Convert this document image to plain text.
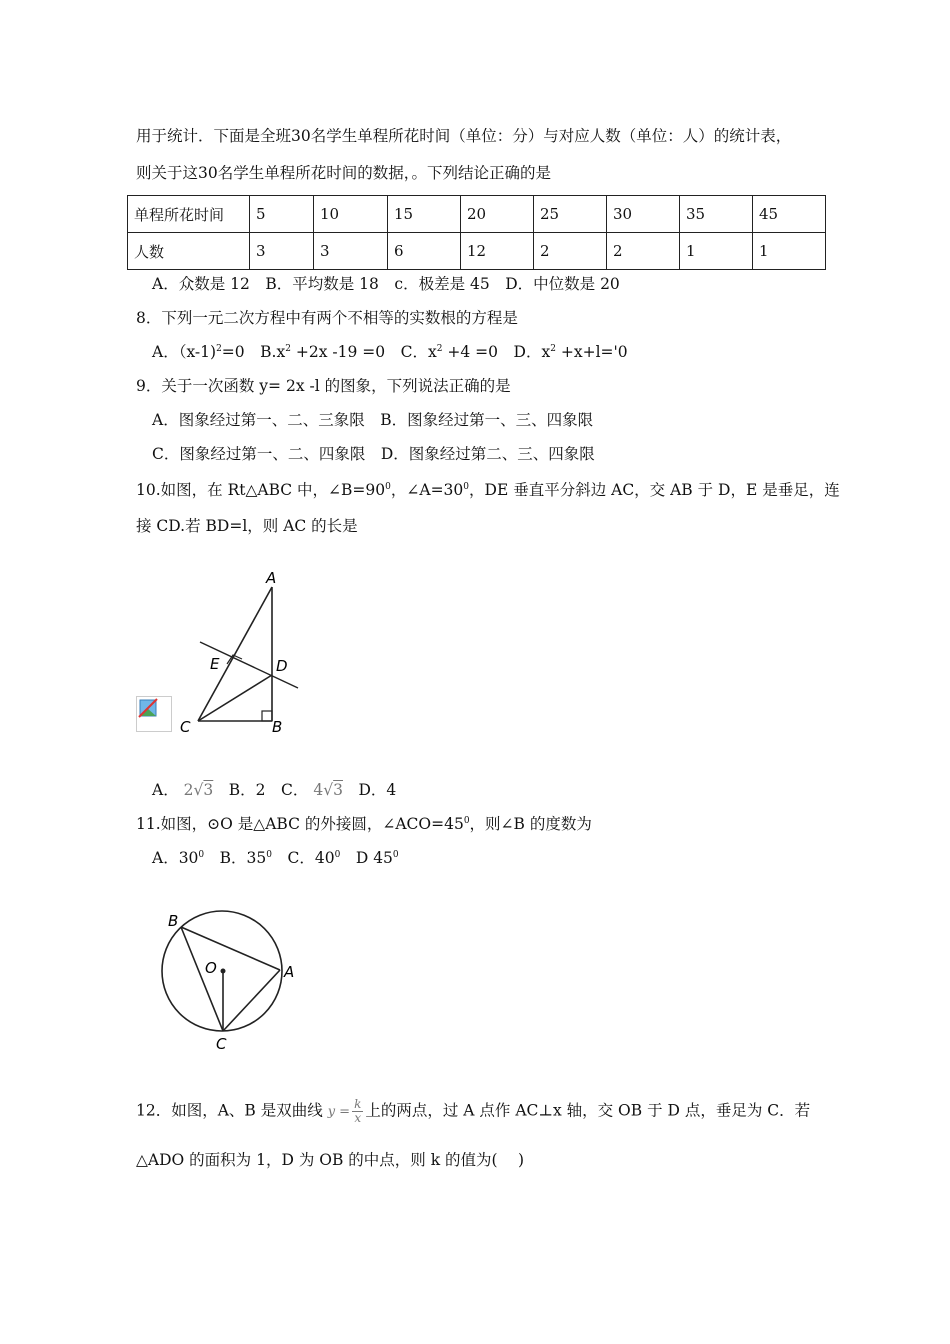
用于统计．下面是全班30名学生单程所花时间（单位：分）与对应人数（单位：人）的统计表，
则关于这30名学生单程所花时间的数据，。下列结论正确的是
单程所花时间	5	10	15	20	25	30	35	45
人数	3	3	6	12	2	2	1	1
A．众数是 12　B．平均数是 18　c．极差是 45　D．中位数是 20
8．下列一元二次方程中有两个不相等的实数根的方程是
A．（x-1)$^2$=0　$B.x^2 +2x$ -19 =0　C．$x^2 +4 =0$　D．$x^2 +x+l='0$
9．关于一次函数 y= 2x -l 的图象，下列说法正确的是
A．图象经过第一、二、三象限　B．图象经过第一、三、四象限
C．图象经过第一、二、四象限　D．图象经过第二、三、四象限
10.如图，在 Rt△ABC 中，$\angle B=90^0$，$\angle A=30^0$，DE 垂直平分斜边 AC，交 AB 于 D，E 是垂足，连
接 CD.若 BD=l，则 AC 的长是
A
E	D
C	B
A． 2√3　B．2　C． 4√3　D．4
11.如图，⊙O 是△ABC 的外接圆，$\angle ACO=45^0$，则∠B 的度数为
A．$30^0$　B．$35^0$　C．$40^0$　D $45^0$
B
O	A
C
12．如图，A、B 是双曲线 $y = \frac{k}{x}$ 上的两点，过 A 点作 AC⊥x 轴，交 OB 于 D 点，垂足为 C．若
△ADO 的面积为 1，D 为 OB 的中点，则 k 的值为(　 )
